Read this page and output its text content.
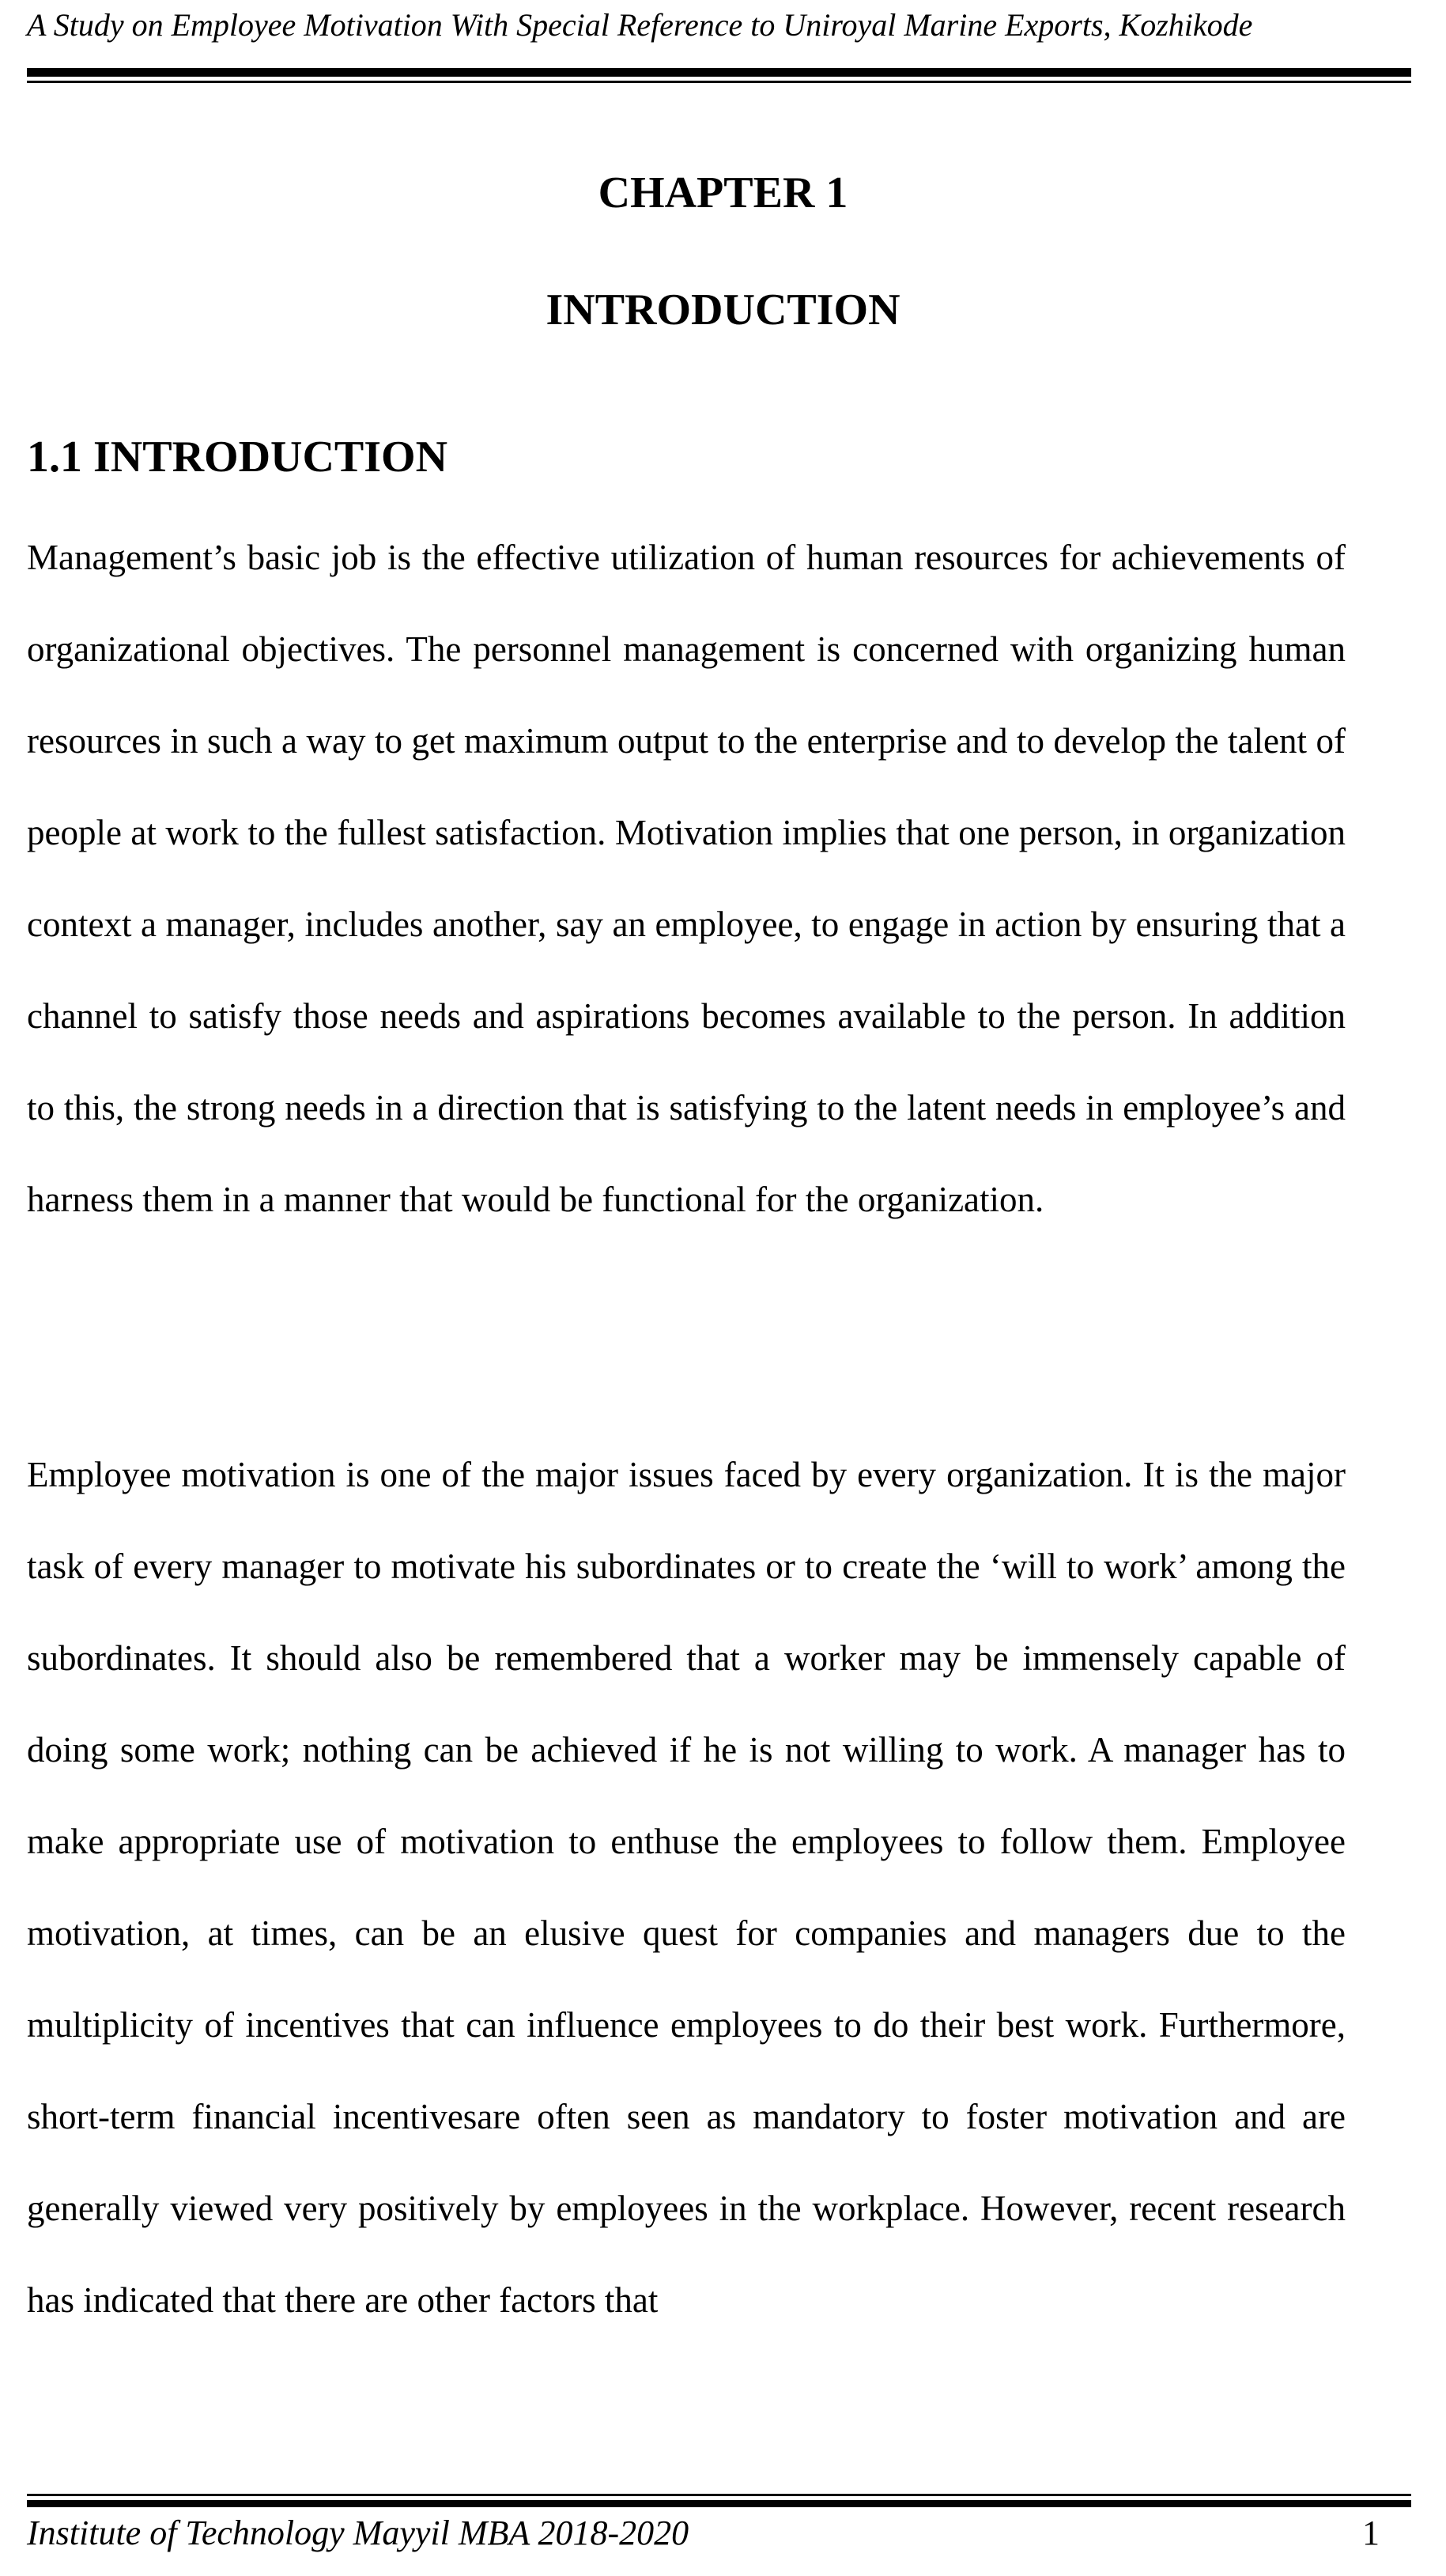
A Study on Employee Motivation With Special Reference to Uniroyal Marine Exports, Kozhikode
CHAPTER 1
INTRODUCTION
1.1 INTRODUCTION

Management’s basic job is the effective utilization of human resources for achievements of organizational objectives. The personnel management is concerned with organizing human resources in such a way to get maximum output to the enterprise and to develop the talent of people at work to the fullest satisfaction. Motivation implies that one person, in organization context a manager, includes another, say an employee, to engage in action by ensuring that a channel to satisfy those needs and aspirations becomes available to the person. In addition to this, the strong needs in a direction that is satisfying to the latent needs in employee’s and harness them in a manner that would be functional for the organization.

Employee motivation is one of the major issues faced by every organization. It is the major task of every manager to motivate his subordinates or to create the ‘will to work’ among the subordinates. It should also be remembered that a worker may be immensely capable of doing some work; nothing can be achieved if he is not willing to work. A manager has to make appropriate use of motivation to enthuse the employees to follow them. Employee motivation, at times, can be an elusive quest for companies and managers due to the multiplicity of incentives that can influence employees to do their best work. Furthermore, short-term financial incentivesare often seen as mandatory to foster motivation and are generally viewed very positively by employees in the workplace. However, recent research has indicated that there are other factors that

Institute of Technology Mayyil MBA 2018-2020	1
